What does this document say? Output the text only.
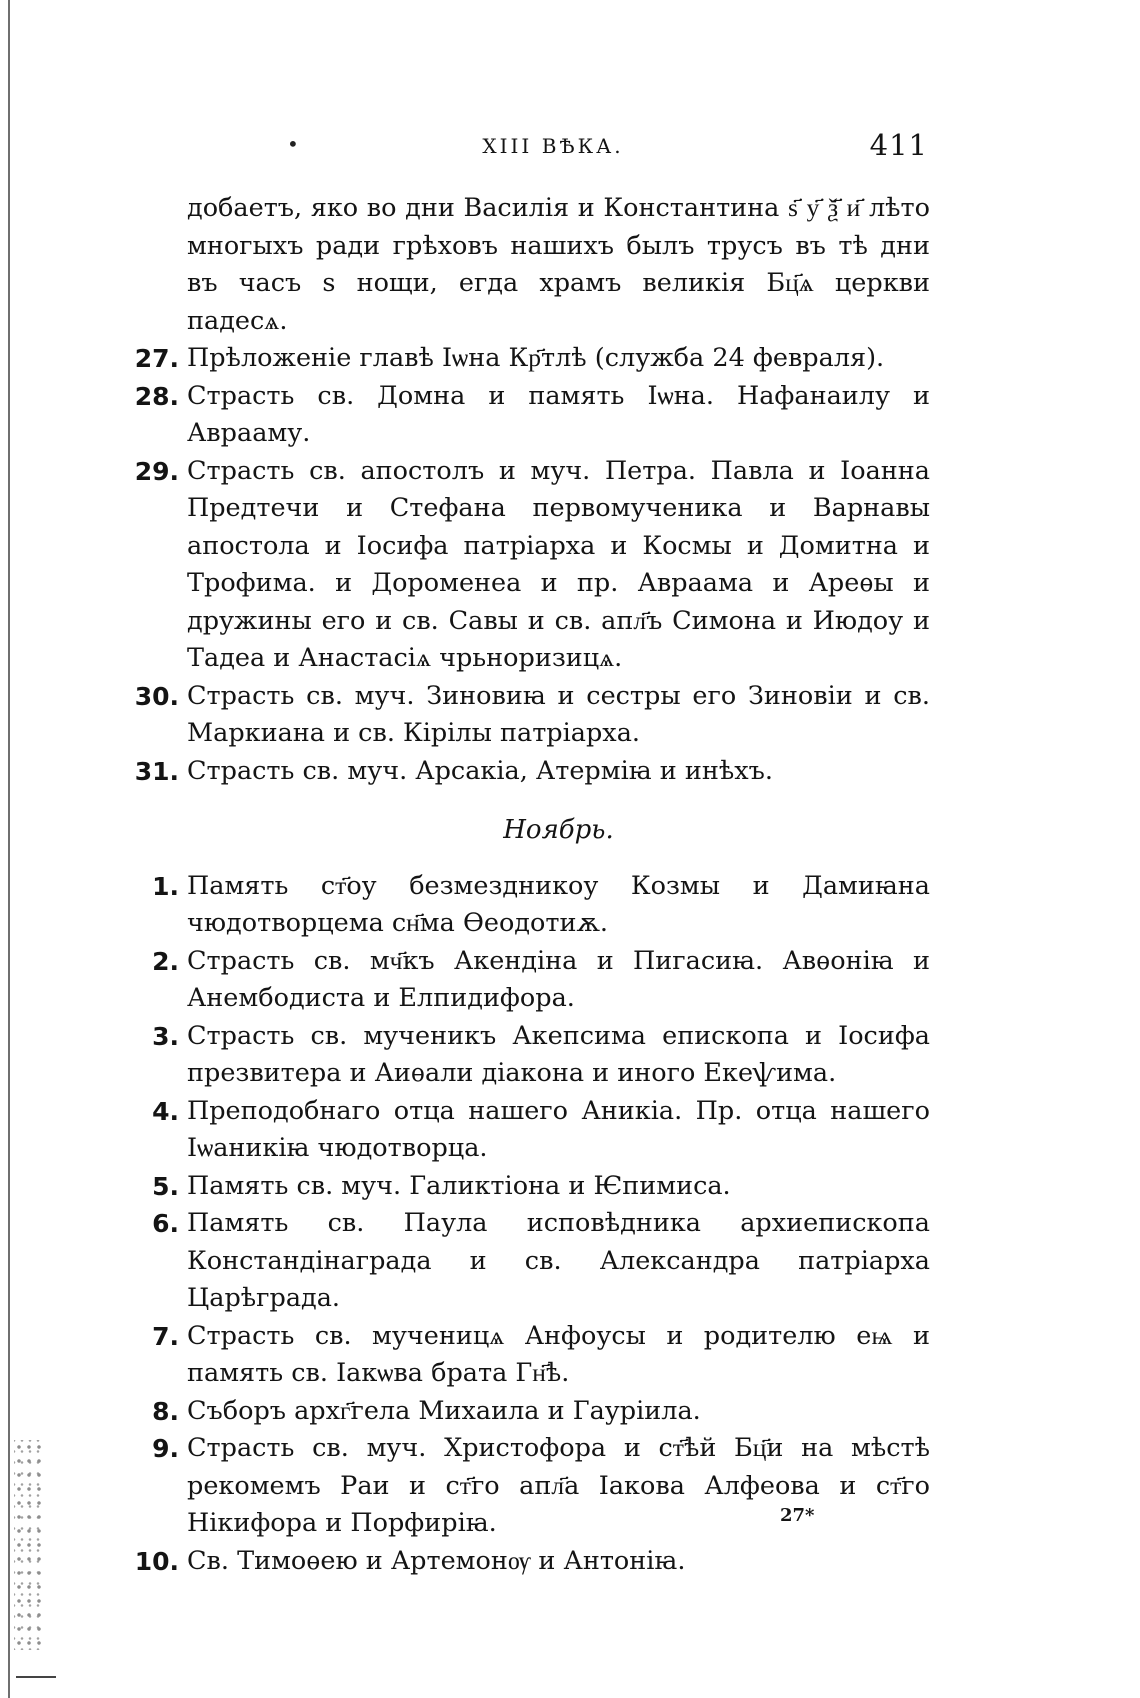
•	XIII ВѢКА.	411
добаетъ, яко во дни Василія и Константина ѕ҃ у҃ ѯ҃ и҃ лѣто многыхъ ради грѣховъ нашихъ былъ трусъ въ тѣ дни въ часъ ѕ нощи, егда храмъ великія Бц҃ѧ церкви падесѧ.
27. Прѣложеніе главѣ Іѡна Кр҃тлѣ (служба 24 февраля).
28. Страсть св. Домна и память Іѡна. Нафанаилу и Аврааму.
29. Страсть св. апостолъ и муч. Петра. Павла и Іоанна Предтечи и Стефана первомученика и Варнавы апостола и Іосифа патріарха и Космы и Домитна и Трофима. и Дороменеа и пр. Авраама и Ареѳы и дружины его и св. Савы и св. апл҃ъ Симона и Июдоу и Тадеа и Анастасіѧ чрьноризицѧ.
30. Страсть св. муч. Зиновиꙗ и сестры его Зиновіи и св. Маркиана и св. Кірілы патріарха.
31. Страсть св. муч. Арсакіа, Атерміꙗ и инѣхъ.
Ноябрь.
1. Память ст҃оу безмездникоу Козмы и Дамиꙗна чюдотворцема сн҃ма Ѳеодотиѫ.
2. Страсть св. мч҃къ Акендіна и Пигасиꙗ. Авѳоніꙗ и Анембодиста и Елпидифора.
3. Страсть св. мученикъ Акепсима епископа и Іосифа презвитера и Аиѳали діакона и иного Екеѱима.
4. Преподобнаго отца нашего Аникіа. Пр. отца нашего Іѡаникіꙗ чюдотворца.
5. Память св. муч. Галиктіона и Ѥпимиса.
6. Память св. Паула исповѣдника архиепископа Констандінаграда и св. Александра патріарха Царѣграда.
7. Страсть св. мученицѧ Анфоусы и родителю еѩ и память св. Іакѡва брата Гн҃ѣ.
8. Съборъ архг҃гела Михаила и Гаурiила.
9. Страсть св. муч. Христофора и ст҃ѣй Бц҃и на мѣстѣ рекомемъ Раи и ст҃го апл҃а Іакова Алфеова и ст҃го Нікифора и Порфиріꙗ.
10. Св. Тимоѳею и Артемонѹ и Антоніꙗ.
27*
